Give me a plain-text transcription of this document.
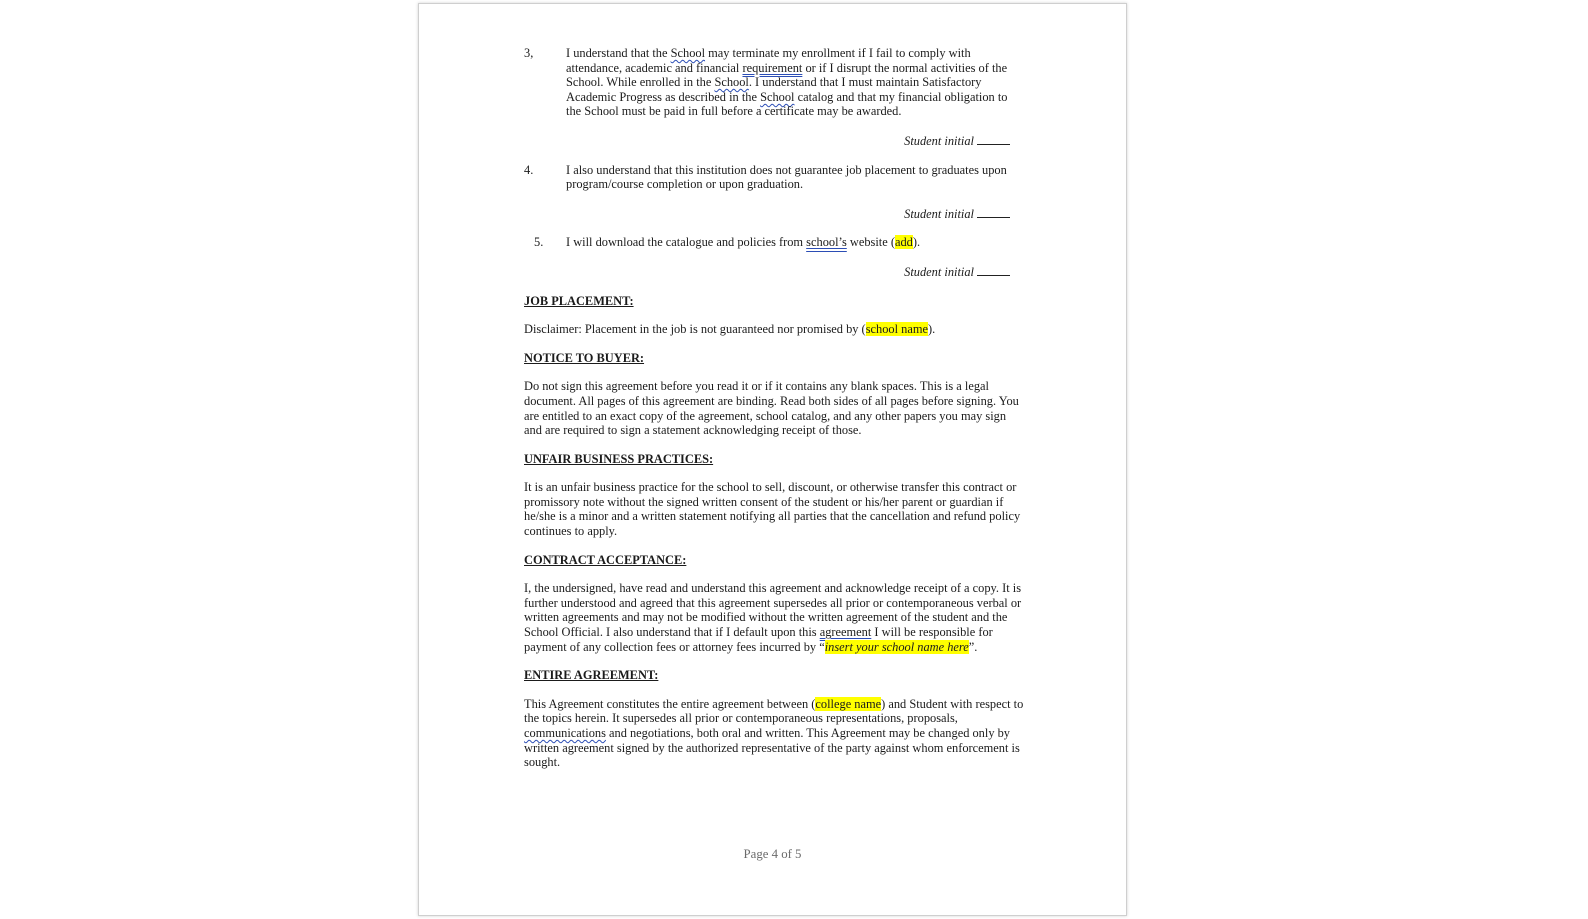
3,	I understand that the School may terminate my enrollment if I fail to comply with attendance, academic and financial requirement or if I disrupt the normal activities of the School. While enrolled in the School. I understand that I must maintain Satisfactory Academic Progress as described in the School catalog and that my financial obligation to the School must be paid in full before a certificate may be awarded.

Student initial
4.	I also understand that this institution does not guarantee job placement to graduates upon program/course completion or upon graduation.

Student initial
5. I will download the catalogue and policies from school’s website (add).

Student initial
JOB PLACEMENT:

Disclaimer: Placement in the job is not guaranteed nor promised by (school name).

NOTICE TO BUYER:

Do not sign this agreement before you read it or if it contains any blank spaces. This is a legal document. All pages of this agreement are binding. Read both sides of all pages before signing. You are entitled to an exact copy of the agreement, school catalog, and any other papers you may sign and are required to sign a statement acknowledging receipt of those.

UNFAIR BUSINESS PRACTICES:

It is an unfair business practice for the school to sell, discount, or otherwise transfer this contract or promissory note without the signed written consent of the student or his/her parent or guardian if he/she is a minor and a written statement notifying all parties that the cancellation and refund policy continues to apply.

CONTRACT ACCEPTANCE:

I, the undersigned, have read and understand this agreement and acknowledge receipt of a copy. It is further understood and agreed that this agreement supersedes all prior or contemporaneous verbal or written agreements and may not be modified without the written agreement of the student and the School Official. I also understand that if I default upon this agreement I will be responsible for payment of any collection fees or attorney fees incurred by “insert your school name here”.

ENTIRE AGREEMENT:

This Agreement constitutes the entire agreement between (college name) and Student with respect to the topics herein. It supersedes all prior or contemporaneous representations, proposals, communications and negotiations, both oral and written. This Agreement may be changed only by written agreement signed by the authorized representative of the party against whom enforcement is sought.

Page 4 of 5
